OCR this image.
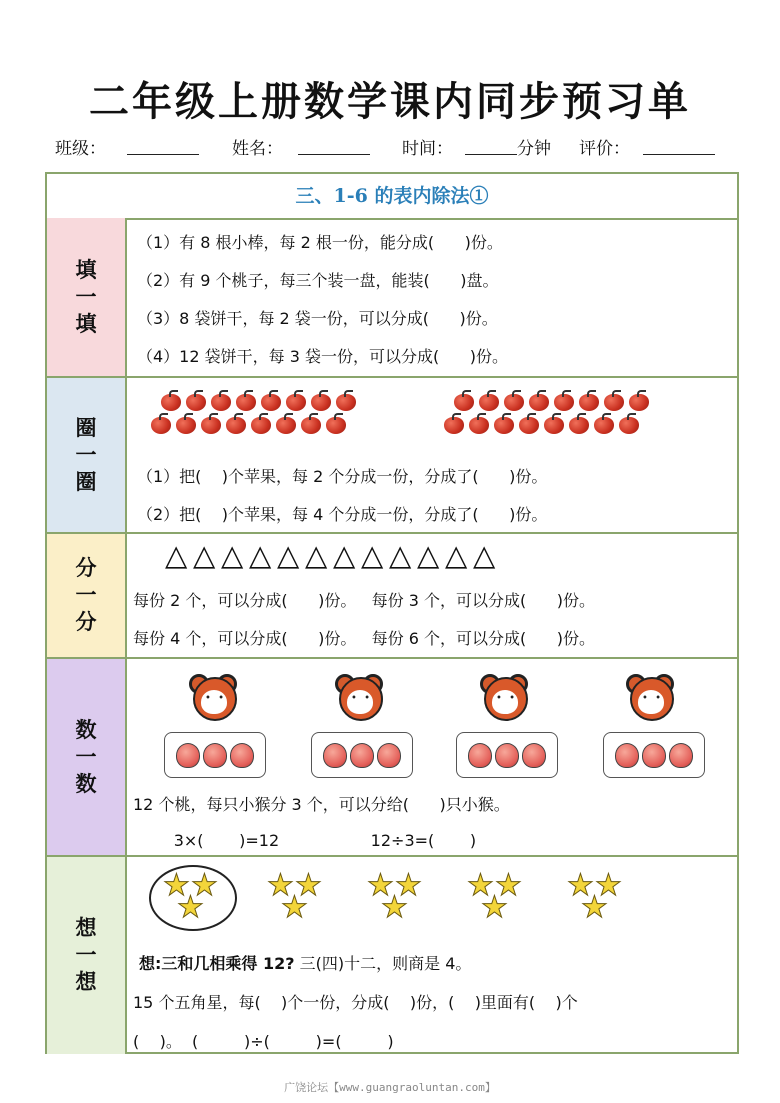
二年级上册数学课内同步预习单
班级：	姓名：	时间：	分钟 评价：
三、1-6 的表内除法①
填
一
填
（1）有 8 根小棒，每 2 根一份，能分成(      )份。
（2）有 9 个桃子，每三个装一盘，能装(      )盘。
（3）8 袋饼干，每 2 袋一份，可以分成(      )份。
（4）12 袋饼干，每 3 袋一份，可以分成(      )份。
圈
一
圈	（1）把(    )个苹果，每 2 个分成一份，分成了(      )份。
（2）把(    )个苹果，每 4 个分成一份，分成了(      )份。
分
一
分
△ △ △ △ △ △ △ △ △ △ △ △
每份 2 个，可以分成(      )份。   每份 3 个，可以分成(      )份。
每份 4 个，可以分成(      )份。   每份 6 个，可以分成(      )份。
数
一
数
• •
• •
• •
• •
12 个桃，每只小猴分 3 个，可以分给(      )只小猴。
3×(       )=12                  12÷3=(       )
想
一
想
★ ★
★
★ ★
★
★ ★
★
★ ★
★
★ ★
★
想:三和几相乘得 12? 三(四)十二，则商是 4。
15 个五角星，每(    )个一份，分成(    )份，(    )里面有(    )个
(    )。  (         )÷(         )=(         )
广饶论坛【www.guangraoluntan.com】
